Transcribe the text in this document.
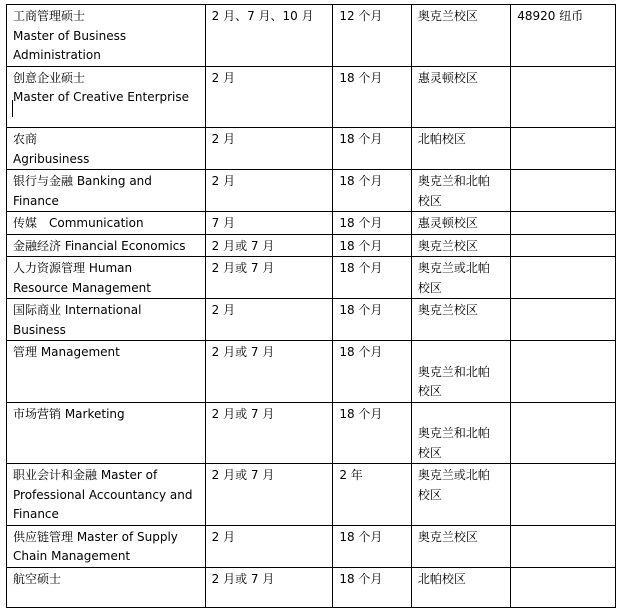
工商管理硕士
Master of Business
Administration	2 月、7 月、10 月	12 个月	奥克兰校区	48920 纽币

创意企业硕士
Master of Creative Enterprise	2 月	18 个月	惠灵顿校区	

农商
Agribusiness	2 月	18 个月	北帕校区	

银行与金融 Banking and
Finance	2 月	18 个月	奥克兰和北帕
校区	

传媒　Communication	7 月	18 个月	惠灵顿校区	

金融经济 Financial Economics	2 月或 7 月	18 个月	奥克兰校区	

人力资源管理 Human
Resource Management	2 月或 7 月	18 个月	奥克兰或北帕
校区	

国际商业 International
Business	2 月	18 个月	奥克兰校区	

管理 Management	2 月或 7 月	18 个月	奥克兰和北帕
校区	

市场营销 Marketing	2 月或 7 月	18 个月	奥克兰和北帕
校区	

职业会计和金融 Master of
Professional Accountancy and
Finance	2 月或 7 月	2 年	奥克兰或北帕
校区	

供应链管理 Master of Supply
Chain Management	2 月	18 个月	奥克兰校区	

航空硕士	2 月或 7 月	18 个月	北帕校区	
